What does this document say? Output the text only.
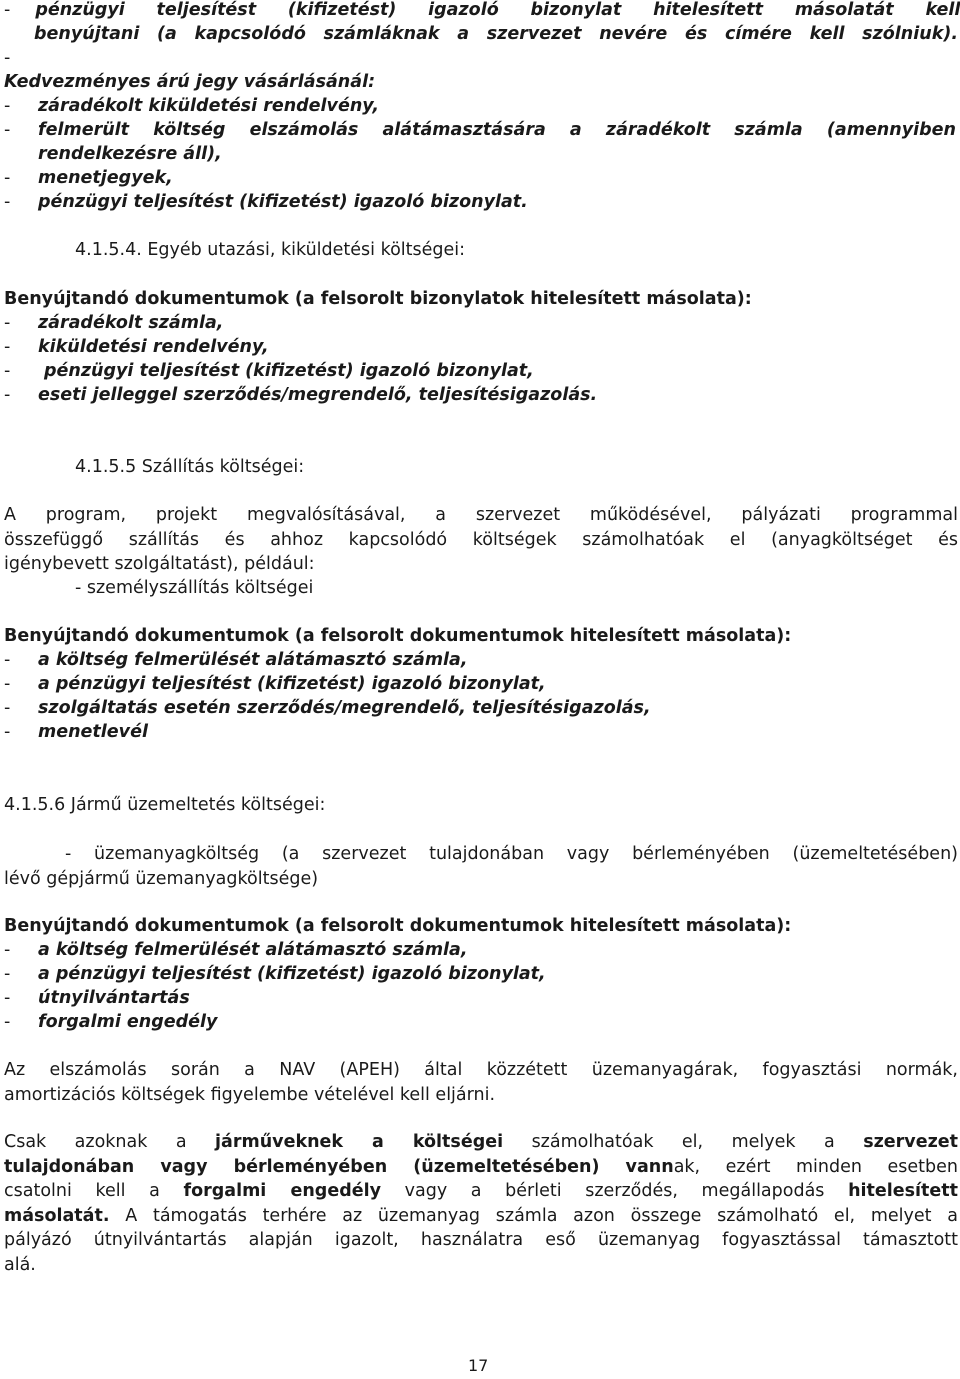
- pénzügyi teljesítést (kifizetést) igazoló bizonylat hitelesített másolatát kell
benyújtani (a kapcsolódó számláknak a szervezet nevére és címére kell szólniuk).
-
Kedvezményes árú jegy vásárlásánál:
- záradékolt kiküldetési rendelvény,
- felmerült költség elszámolás alátámasztására a záradékolt számla (amennyiben
rendelkezésre áll),
- menetjegyek,
- pénzügyi teljesítést (kifizetést) igazoló bizonylat.
4.1.5.4. Egyéb utazási, kiküldetési költségei:
Benyújtandó dokumentumok (a felsorolt bizonylatok hitelesített másolata):
- záradékolt számla,
- kiküldetési rendelvény,
- pénzügyi teljesítést (kifizetést) igazoló bizonylat,
- eseti jelleggel szerződés/megrendelő, teljesítésigazolás.
4.1.5.5 Szállítás költségei:
A program, projekt megvalósításával, a szervezet működésével, pályázati programmal
összefüggő szállítás és ahhoz kapcsolódó költségek számolhatóak el (anyagköltséget és
igénybevett szolgáltatást), például:
- személyszállítás költségei
Benyújtandó dokumentumok (a felsorolt dokumentumok hitelesített másolata):
- a költség felmerülését alátámasztó számla,
- a pénzügyi teljesítést (kifizetést) igazoló bizonylat,
- szolgáltatás esetén szerződés/megrendelő, teljesítésigazolás,
- menetlevél
4.1.5.6 Jármű üzemeltetés költségei:
- üzemanyagköltség (a szervezet tulajdonában vagy bérleményében (üzemeltetésében)
lévő gépjármű üzemanyagköltsége)
Benyújtandó dokumentumok (a felsorolt dokumentumok hitelesített másolata):
- a költség felmerülését alátámasztó számla,
- a pénzügyi teljesítést (kifizetést) igazoló bizonylat,
- útnyilvántartás
- forgalmi engedély
Az elszámolás során a NAV (APEH) által közzétett üzemanyagárak, fogyasztási normák,
amortizációs költségek figyelembe vételével kell eljárni.
Csak azoknak a járműveknek a költségei számolhatóak el, melyek a szervezet
tulajdonában vagy bérleményében (üzemeltetésében) vannak, ezért minden esetben
csatolni kell a forgalmi engedély vagy a bérleti szerződés, megállapodás hitelesített
másolatát. A támogatás terhére az üzemanyag számla azon összege számolható el, melyet a
pályázó útnyilvántartás alapján igazolt, használatra eső üzemanyag fogyasztással támasztott
alá.
17
